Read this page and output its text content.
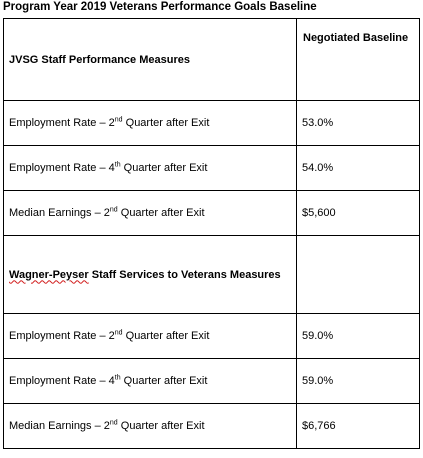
Program Year 2019 Veterans Performance Goals Baseline
JVSG Staff Performance Measures	Negotiated Baseline
Employment Rate – 2nd Quarter after Exit	53.0%
Employment Rate – 4th Quarter after Exit	54.0%
Median Earnings – 2nd Quarter after Exit	$5,600
Wagner-Peyser Staff Services to Veterans Measures	
Employment Rate – 2nd Quarter after Exit	59.0%
Employment Rate – 4th Quarter after Exit	59.0%
Median Earnings – 2nd Quarter after Exit	$6,766
